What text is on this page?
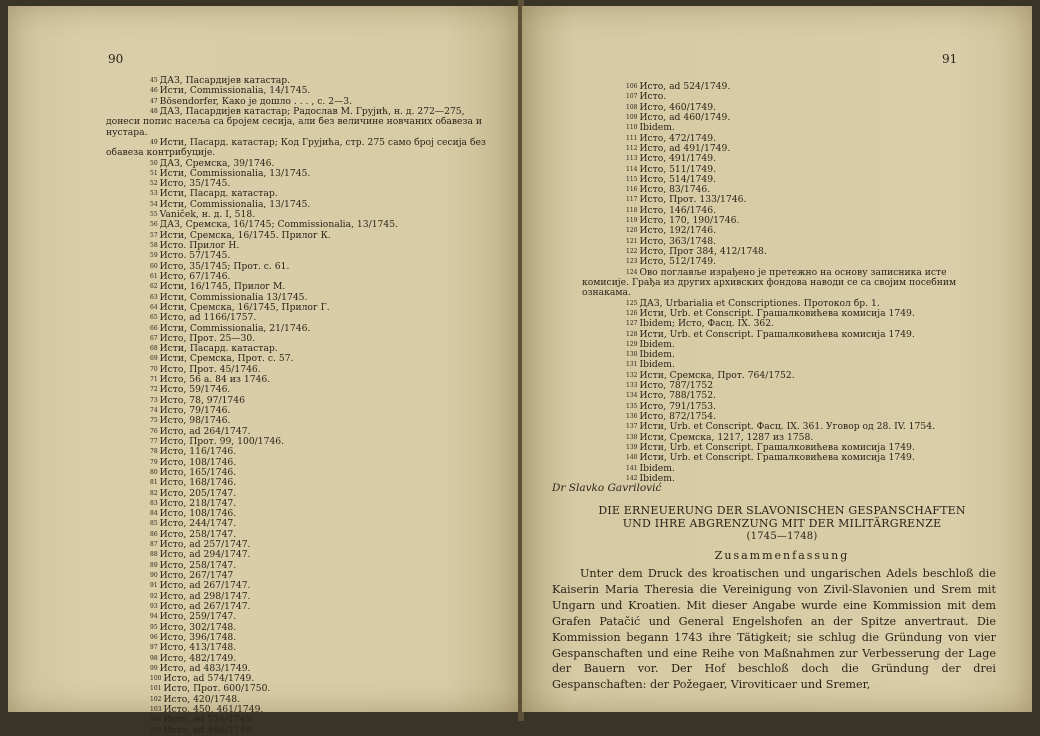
90
$^{45}$ ДАЗ, Пасардијев катастар.
$^{46}$ Исти, Commissionalia, 14/1745.
$^{47}$ Bösendorfer, Како је дошло . . . , с. 2—3.
$^{48}$ ДАЗ, Пасардијев катастар; Радослав М. Грујић, н. д. 272—275, донеси попис насеља са бројем сесија, али без величине новчаних обавеза и нустара.
$^{49}$ Исти, Пасард. катастар; Код Грујића, стр. 275 само број сесија без обавеза контрибуције.
$^{50}$ ДАЗ, Сремска, 39/1746.
$^{51}$ Исти, Commissionalia, 13/1745.
$^{52}$ Исто, 35/1745.
$^{53}$ Исти, Пасард. катастар.
$^{54}$ Исти, Commissionalia, 13/1745.
$^{55}$ Vaniček, н. д. I, 518.
$^{56}$ ДАЗ, Сремска, 16/1745; Commissionalia, 13/1745.
$^{57}$ Исти, Сремска, 16/1745. Прилог К.
$^{58}$ Исто. Прилог Н.
$^{59}$ Исто. 57/1745.
$^{60}$ Исто, 35/1745; Прот. с. 61.
$^{61}$ Исто, 67/1746.
$^{62}$ Исти, 16/1745, Прилог М.
$^{63}$ Исти, Commissionalia 13/1745.
$^{64}$ Исти, Сремска, 16/1745, Прилог Г.
$^{65}$ Исто, ad 1166/1757.
$^{66}$ Исти, Commissionalia, 21/1746.
$^{67}$ Исто, Прот. 25—30.
$^{68}$ Исти, Пасард. катастар.
$^{69}$ Исти, Сремска, Прот. с. 57.
$^{70}$ Исто, Прот. 45/1746.
$^{71}$ Исто, 56 а. 84 из 1746.
$^{72}$ Исто, 59/1746.
$^{73}$ Исто, 78, 97/1746
$^{74}$ Исто, 79/1746.
$^{75}$ Исто, 98/1746.
$^{76}$ Исто, ad 264/1747.
$^{77}$ Исто, Прот. 99, 100/1746.
$^{78}$ Исто, 116/1746.
$^{79}$ Исто, 108/1746.
$^{80}$ Исто, 165/1746.
$^{81}$ Исто, 168/1746.
$^{82}$ Исто, 205/1747.
$^{83}$ Исто, 218/1747.
$^{84}$ Исто, 108/1746.
$^{85}$ Исто, 244/1747.
$^{86}$ Исто, 258/1747.
$^{87}$ Исто, ad 257/1747.
$^{88}$ Исто, ad 294/1747.
$^{89}$ Исто, 258/1747.
$^{90}$ Исто, 267/1747
$^{91}$ Исто, ad 267/1747.
$^{92}$ Исто, ad 298/1747.
$^{93}$ Исто, ad 267/1747.
$^{94}$ Исто, 259/1747.
$^{95}$ Исто, 302/1748.
$^{96}$ Исто, 396/1748.
$^{97}$ Исто, 413/1748.
$^{98}$ Исто, 482/1749.
$^{99}$ Исто, ad 483/1749.
$^{100}$ Исто, ad 574/1749.
$^{101}$ Исто, Прот. 600/1750.
$^{102}$ Исто, 420/1748.
$^{103}$ Исто, 450, 461/1749.
$^{104}$ Исто, ad 524/1749.
$^{105}$ Исто, ad 460/1749.
91
$^{106}$ Исто, ad 524/1749.
$^{107}$ Исто.
$^{108}$ Исто, 460/1749.
$^{109}$ Исто, ad 460/1749.
$^{110}$ Ibidem.
$^{111}$ Исто, 472/1749.
$^{112}$ Исто, ad 491/1749.
$^{113}$ Исто, 491/1749.
$^{114}$ Исто, 511/1749.
$^{115}$ Исто, 514/1749.
$^{116}$ Исто, 83/1746.
$^{117}$ Исто, Прот. 133/1746.
$^{118}$ Исто, 146/1746.
$^{119}$ Исто, 170, 190/1746.
$^{120}$ Исто, 192/1746.
$^{121}$ Исто, 363/1748.
$^{122}$ Исто, Прот 384, 412/1748.
$^{123}$ Исто, 512/1749.
$^{124}$ Ово поглавље израђено је претежно на основу записника исте комисије. Грађа из других архивских фондова наводи се са својим посебним ознакама.
$^{125}$ ДАЗ, Urbarialia et Conscriptiones. Протокол бр. 1.
$^{126}$ Исти, Urb. et Conscript. Грашалковићева комисија 1749.
$^{127}$ Ibidem; Исто, Фасц. IX. 362.
$^{128}$ Исти, Urb. et Conscript. Грашалковићева комисија 1749.
$^{129}$ Ibidem.
$^{130}$ Ibidem.
$^{131}$ Ibidem.
$^{132}$ Исти, Сремска, Прот. 764/1752.
$^{133}$ Исто, 787/1752
$^{134}$ Исто, 788/1752.
$^{135}$ Исто, 791/1753.
$^{136}$ Исто, 872/1754.
$^{137}$ Исти, Urb. et Conscript. Фасц. IX. 361. Уговор од 28. IV. 1754.
$^{138}$ Исти, Сремска, 1217, 1287 из 1758.
$^{139}$ Исти, Urb. et Conscript. Грашалковићева комисија 1749.
$^{140}$ Исти, Urb. et Conscript. Грашалковићева комисија 1749.
$^{141}$ Ibidem.
$^{142}$ Ibidem.
Dr Slavko Gavrilović
DIE ERNEUERUNG DER SLAVONISCHEN GESPANSCHAFTEN
UND IHRE ABGRENZUNG MIT DER MILITÄRGRENZE
(1745—1748)
Zusammenfassung

Unter dem Druck des kroatischen und ungarischen Adels beschloß die Kaiserin Maria Theresia die Vereinigung von Zivil-Slavonien und Srem mit Ungarn und Kroatien. Mit dieser Angabe wurde eine Kommission mit dem Grafen Patačić und General Engelshofen an der Spitze anvertraut. Die Kommission begann 1743 ihre Tätigkeit; sie schlug die Gründung von vier Gespanschaften und eine Reihe von Maßnahmen zur Verbesserung der Lage der Bauern vor. Der Hof beschloß doch die Gründung der drei Gespanschaften: der Požegaer, Viroviticaer und Sremer,
